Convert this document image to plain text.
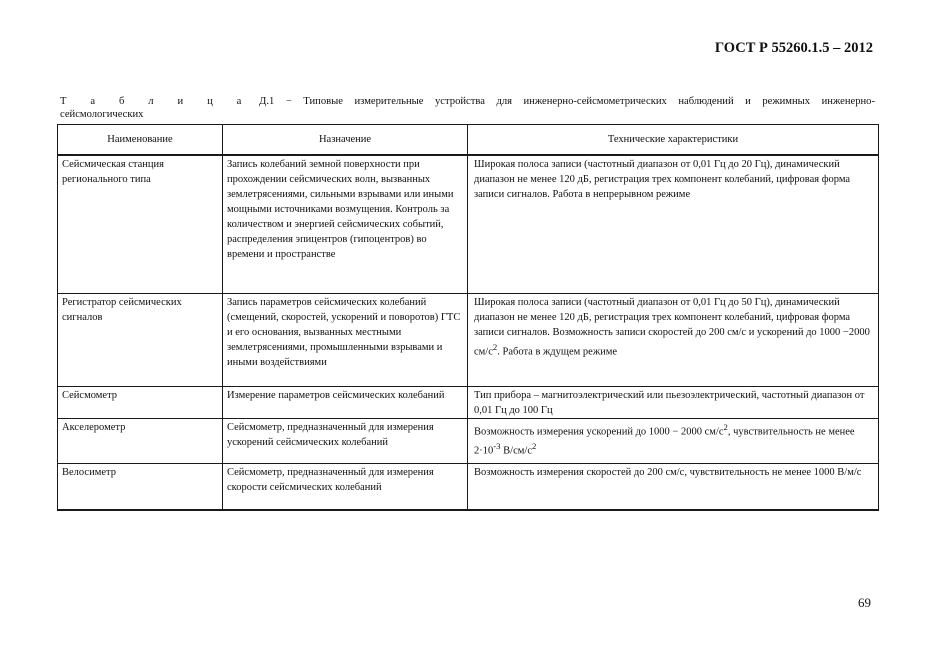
ГОСТ Р 55260.1.5 – 2012
Т а б л и ц а Д.1 − Типовые измерительные устройства для инженерно-сейсмометрических наблюдений и режимных инженерно-
сейсмологических
Наименование	Назначение	Технические характеристики
Сейсмическая станция регионального типа	Запись колебаний земной поверхности при прохождении сейсмических волн, вызванных землетрясениями, сильными взрывами или иными мощными источниками возмущения. Контроль за количеством и энергией сейсмических событий, распределения эпицентров (гипоцентров) во времени и пространстве	Широкая полоса записи (частотный диапазон от 0,01 Гц до 20 Гц), динамический диапазон не менее 120 дБ, регистрация трех компонент колебаний, цифровая форма записи сигналов. Работа в непрерывном режиме
Регистратор сейсмических сигналов	Запись параметров сейсмических колебаний (смещений, скоростей, ускорений и поворотов) ГТС и его основания, вызванных местными землетрясениями, промышленными взрывами и иными воздействиями	Широкая полоса записи (частотный диапазон от 0,01 Гц до 50 Гц), динамический диапазон не менее 120 дБ, регистрация трех компонент колебаний, цифровая форма записи сигналов. Возможность записи скоростей до 200 см/с и ускорений до 1000 −2000 $см/с^2$. Работа в ждущем режиме
Сейсмометр	Измерение параметров сейсмических колебаний	Тип прибора – магнитоэлектрический или пьезоэлектрический, частотный диапазон от 0,01 Гц до 100 Гц
Акселерометр	Сейсмометр, предназначенный для измерения ускорений сейсмических колебаний	Возможность измерения ускорений до 1000 − 2000 $см/с^2$, чувствительность не менее $2\cdot 10^{-3}$ $В/см/с^2$
Велосиметр	Сейсмометр, предназначенный для измерения скорости сейсмических колебаний	Возможность измерения скоростей до 200 см/с, чувствительность не менее 1000 В/м/с
69
